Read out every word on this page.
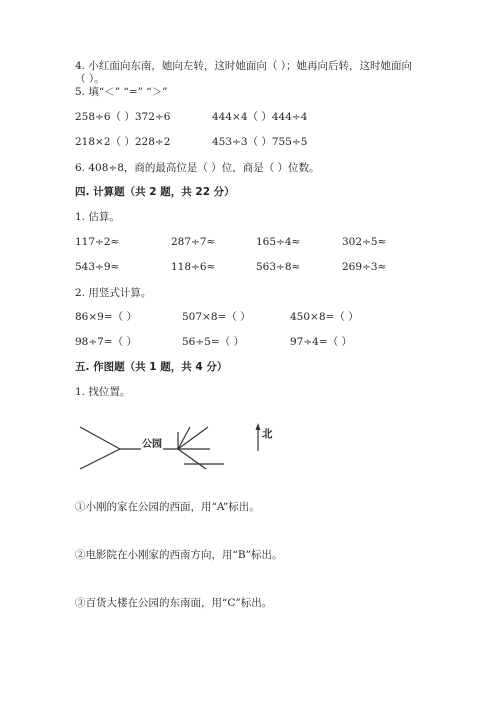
4. 小红面向东南，她向左转，这时她面向（ ）；她再向后转，这时她面向
（ ）。
5. 填“＜” “=” “＞”
258÷6（ ）372÷6	444×4（ ）444÷4
218×2（ ）228÷2	453÷3（ ）755÷5
6. 408÷8，商的最高位是（ ）位，商是（ ）位数。
四. 计算题（共 2 题，共 22 分）
1. 估算。
117÷2≈	287÷7≈	165÷4≈	302÷5≈
543÷9≈	118÷6≈	563÷8≈	269÷3≈
2. 用竖式计算。
86×9=（ ）	507×8=（ ）	450×8=（ ）
98÷7=（ ）	56÷5=（ ）	97÷4=（ ）
五. 作图题（共 1 题，共 4 分）
1. 找位置。
公园
北
①小刚的家在公园的西面，用“A”标出。
②电影院在小刚家的西南方向，用“B”标出。
③百货大楼在公园的东南面，用“C”标出。
